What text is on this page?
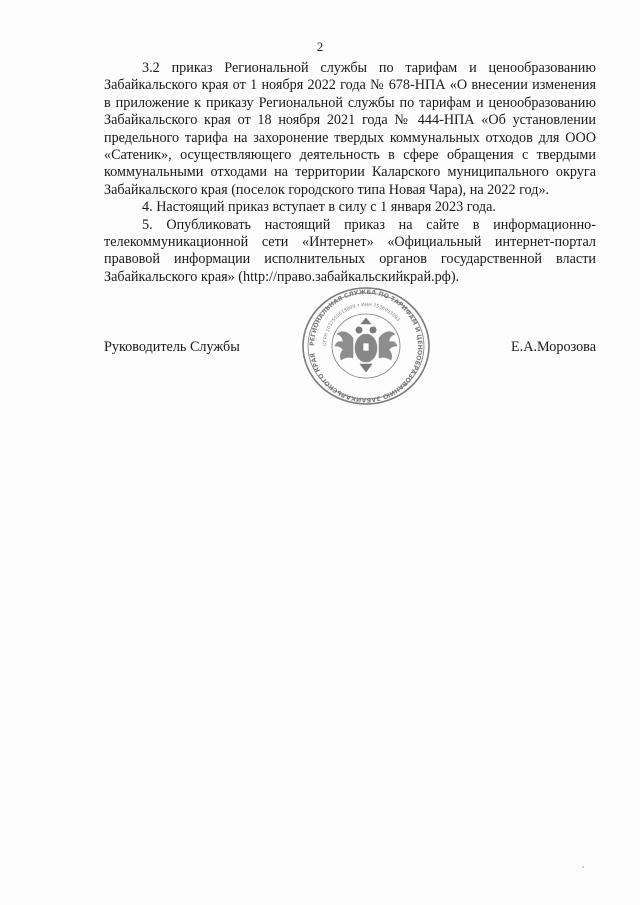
2

3.2 приказ Региональной службы по тарифам и ценообразованию Забайкальского края от 1 ноября 2022 года № 678-НПА «О внесении изменения в приложение к приказу Региональной службы по тарифам и ценообразованию Забайкальского края от 18 ноября 2021 года № 444-НПА «Об установлении предельного тарифа на захоронение твердых коммунальных отходов для ООО «Сатеник», осуществляющего деятельность в сфере обращения с твердыми коммунальными отходами на территории Каларского муниципального округа Забайкальского края (поселок городского типа Новая Чара), на 2022 год».

4. Настоящий приказ вступает в силу с 1 января 2023 года.

5. Опубликовать настоящий приказ на сайте в информационно-телекоммуникационной сети «Интернет» «Официальный интернет-портал правовой информации исполнительных органов государственной власти Забайкальского края» (http://право.забайкальскийкрай.рф).

РЕГИОНАЛЬНАЯ СЛУЖБА ПО ТАРИФАМ И ЦЕНООБРАЗОВАНИЮ ЗАБАЙКАЛЬСКОГО КРАЯ
ОГРН 1037550018809 • ИНН 7536053093
Руководитель Службы	Е.А.Морозова
